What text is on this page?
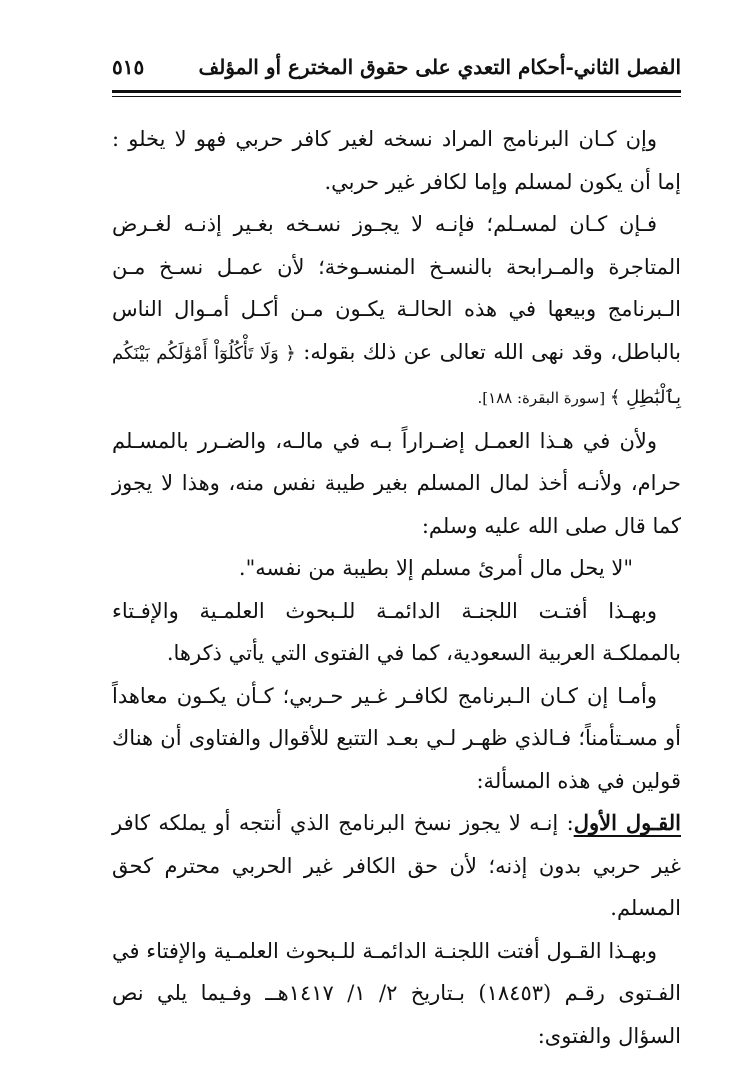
الفصل الثاني-أحكام التعدي على حقوق المخترع أو المؤلف
٥١٥

وإن كـان البرنامج المراد نسخه لغير كافر حربي فهو لا يخلو : إما أن يكون لمسلم وإما لكافر غير حربي.

فـإن كـان لمسـلم؛ فإنـه لا يجـوز نسـخه بغـير إذنـه لغـرض المتاجرة والمـرابحة بالنسـخ المنسـوخة؛ لأن عمـل نسـخ مـن الـبرنامج وبيعها في هذه الحالـة يكـون مـن أكـل أمـوال الناس بالباطل، وقد نهى الله تعالى عن ذلك بقوله: ﴿ وَلَا تَأْكُلُوٓاْ أَمْوَٰلَكُم بَيْنَكُم بِٱلْبَٰطِلِ ﴾ [سورة البقرة: ١٨٨].

ولأن في هـذا العمـل إضـراراً بـه في مالـه، والضـرر بالمسـلم حرام، ولأنـه أخذ لمال المسلم بغير طيبة نفس منه، وهذا لا يجوز كما قال صلى الله عليه وسلم:

"لا يحل مال أمرئ مسلم إلا بطيبة من نفسه".

وبهـذا أفتـت اللجنـة الدائمـة للـبحوث العلمـية والإفـتاء بالمملكـة العربية السعودية، كما في الفتوى التي يأتي ذكرها.

وأمـا إن كـان الـبرنامج لكافـر غـير حـربي؛ كـأن يكـون معاهداً أو مسـتأمناً؛ فـالذي ظهـر لـي بعـد التتبع للأقوال والفتاوى أن هناك قولين في هذه المسألة:

القـول الأول: إنـه لا يجوز نسخ البرنامج الذي أنتجه أو يملكه كافر غير حربي بدون إذنه؛ لأن حق الكافر غير الحربي محترم كحق المسلم.

وبهـذا القـول أفتت اللجنـة الدائمـة للـبحوث العلمـية والإفتاء في الفـتوى رقـم (١٨٤٥٣) بـتاريخ ٢/ ١/ ١٤١٧هــ وفـيما يلي نص السؤال والفتوى:
